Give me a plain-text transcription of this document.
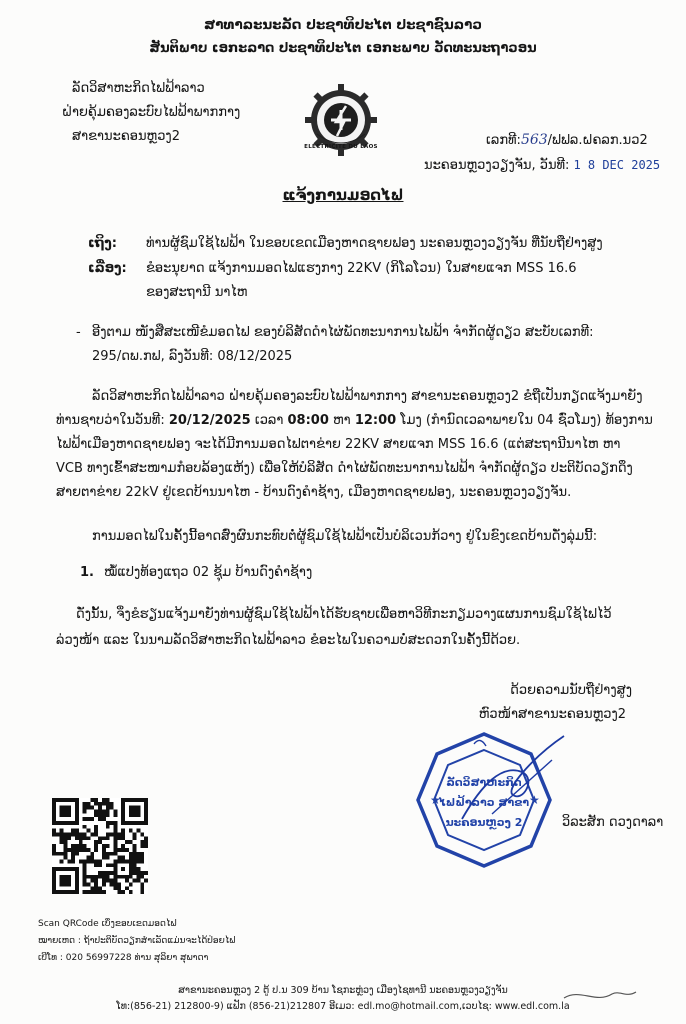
ສາທາລະນະລັດ ປະຊາທິປະໄຕ ປະຊາຊົນລາວ
ສັນຕິພາບ ເອກະລາດ ປະຊາທິປະໄຕ ເອກະພາບ ວັດທະນະຖາວອນ
ລັດວິສາຫະກິດໄຟຟ້າລາວ
ຝ່າຍຄຸ້ມຄອງລະບົບໄຟຟ້າພາກກາງ
ສາຂານະຄອນຫຼວງ2
ELECTRICITE DU LAOS	ເລກທີ:563/ຟຟລ.ຝຄລກ.ນວ2
ນະຄອນຫຼວງວຽງຈັນ, ວັນທີ: 1 8 DEC 2025
ແຈ້ງການມອດໄຟ
ເຖິງ: ທ່ານຜູ້ຊົມໃຊ້ໄຟຟ້າ ໃນຂອບເຂດເມືອງຫາດຊາຍຟອງ ນະຄອນຫຼວງວຽງຈັນ ທີ່ນັບຖືຢ່າງສູງ
ເລື່ອງ: ຂໍອະນຸຍາດ ແຈ້ງການມອດໄຟແຮງກາງ 22KV (ກິໂລໂວນ) ໃນສາຍແຈກ MSS 16.6
ຂອງສະຖານີ ນາໄຫ
- ອີງຕາມ ໜັງສືສະເໜີຂໍມອດໄຟ ຂອງບໍລິສັດດຳໄຜ່ພັດທະນາການໄຟຟ້າ ຈຳກັດຜູ້ດຽວ ສະບັບເລກທີ:
295/ດພ.ກຟ, ລົງວັນທີ: 08/12/2025
ລັດວິສາຫະກິດໄຟຟ້າລາວ ຝ່າຍຄຸ້ມຄອງລະບົບໄຟຟ້າພາກກາງ ສາຂານະຄອນຫຼວງ2 ຂໍຖືເປັນກຽດແຈ້ງມາຍັງ
ທ່ານຊາບວ່າໃນວັນທີ: 20/12/2025 ເວລາ 08:00 ຫາ 12:00 ໂມງ (ກຳນົດເວລາພາຍໃນ 04 ຊົ່ວໂມງ) ທ້ອງການ
ໄຟຟ້າເມືອງຫາດຊາຍຟອງ ຈະໄດ້ມີການມອດໄຟຕາຂ່າຍ 22KV ສາຍແຈກ MSS 16.6 (ແຕ່ສະຖານີນາໄຫ ຫາ
VCB ທາງເຂົ້າສະໜາມກ໋ອບລ້ອງແຫ້ງ) ເພື່ອໃຫ້ບໍລິສັດ ດຳໄຜ່ພັດທະນາການໄຟຟ້າ ຈຳກັດຜູ້ດຽວ ປະຕິບັດວຽກດຶງ
ສາຍຕາຂ່າຍ 22kV ຢູ່ເຂດບ້ານນາໄຫ - ບ້ານດົງຄຳຊ້າງ, ເມືອງຫາດຊາຍຟອງ, ນະຄອນຫຼວງວຽງຈັນ.
ການມອດໄຟໃນຄັ້ງນີ້ອາດສົ່ງຜົນກະທົບຕໍ່ຜູ້ຊົມໃຊ້ໄຟຟ້າເປັນບໍລິເວນກ້ວາງ ຢູ່ໃນຂົງເຂດບ້ານດັ່ງລຸ່ມນີ້:
1. ໝໍ້ແປງທ້ອງແຖວ 02 ຊຸ້ມ ບ້ານດົງຄຳຊ້າງ
ດັ່ງນັ້ນ, ຈິ່ງຂໍຮຽນແຈ້ງມາຍັງທ່ານຜູ້ຊົມໃຊ້ໄຟຟ້າໄດ້ຮັບຊາບເພື່ອຫາວິທີກະກຽມວາງແຜນການຊົມໃຊ້ໄຟໄວ້
ລ່ວງໜ້າ ແລະ ໃນນາມລັດວິສາຫະກິດໄຟຟ້າລາວ ຂໍອະໄພໃນຄວາມບໍ່ສະດວກໃນຄັ້ງນີ້ດ້ວຍ.
ດ້ວຍຄວາມນັບຖືຢ່າງສູງ
ຫົວໜ້າສາຂານະຄອນຫຼວງ2
★	★
ລັດວິສາຫະກິດ
ໄຟຟ້າລາວ ສາຂາ
ນະຄອນຫຼວງ 2	ວິລະສັກ ດວງດາລາ
Scan QRCode ເບິ່ງຂອບເຂດມອດໄຟ
ໝາຍເຫດ : ຖ້າປະຕິບັດວຽກສຳເລັດແມ່ນຈະໄດ້ປ່ອຍໄຟ
ເບີໂທ : 020 56997228 ທ່ານ ສຸລິຍາ ສຸພາດາ
ສາຂານະຄອນຫຼວງ 2 ຕູ້ ປ.ນ 309 ບ້ານ ໂຊກະຫຼ່ວງ ເມືອງໄຊທານີ ນະຄອນຫຼວງວຽງຈັນ
ໂທ:(856-21) 212800-9) ແຟັກ (856-21)212807 ອີເມວ: edl.mo@hotmail.com,ເວບໄຊ: www.edl.com.la
